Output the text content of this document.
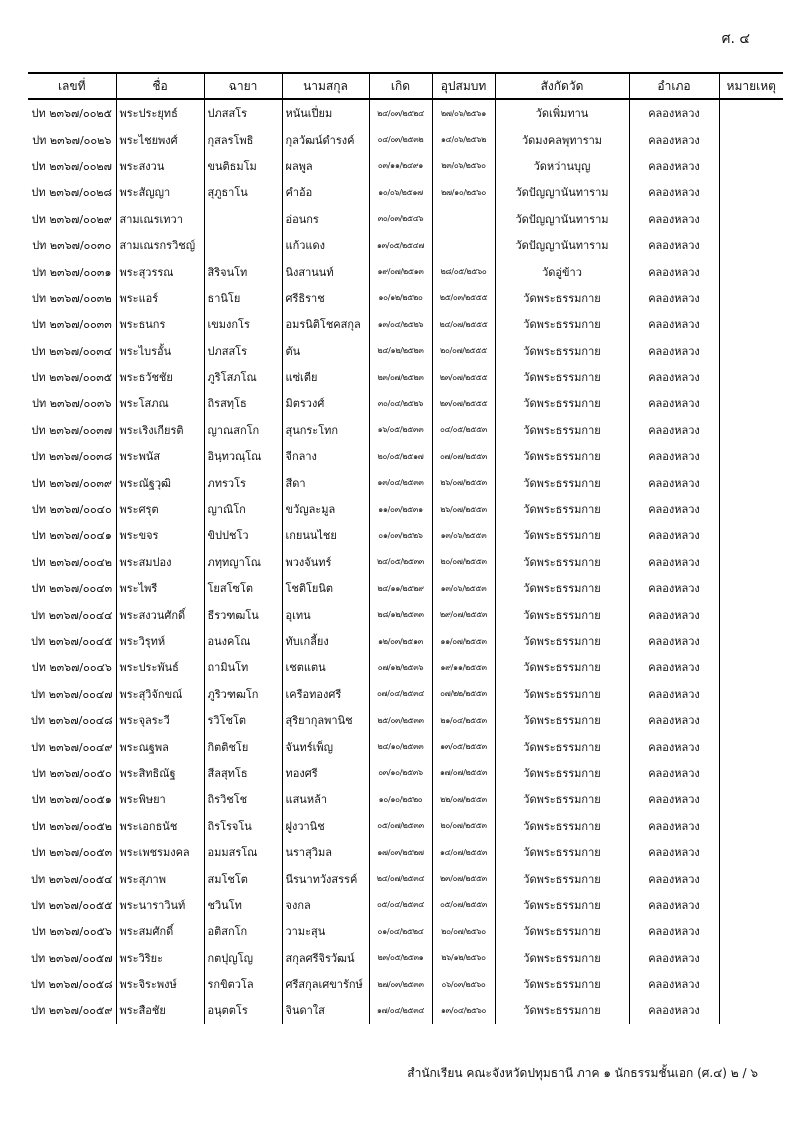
ศ. ๔
เลขที่	ชื่อ	ฉายา	นามสกุล	เกิด	อุปสมบท	สังกัดวัด	อำเภอ	หมายเหตุ
ปท ๒๓๖๗/๐๐๒๕	พระประยุทธ์	ปภสสโร	หนันเปี่ยม	๒๔/๐๓/๒๕๒๔	๒๗/๐๖/๒๕๖๑	วัดเพิ่มทาน	คลองหลวง	
ปท ๒๓๖๗/๐๐๒๖	พระไชยพงศ์	กุสลรโพธิ	กุลวัฒน์ดำรงค์	๐๔/๐๓/๒๕๓๒	๑๔/๐๖/๒๕๖๒	วัดมงคลพุทาราม	คลองหลวง	
ปท ๒๓๖๗/๐๐๒๗	พระสงวน	ขนติธมโม	ผลพูล	๐๓/๑๑/๒๔๙๑	๒๓/๐๖/๒๕๖๐	วัดหว่านบุญ	คลองหลวง	
ปท ๒๓๖๗/๐๐๒๘	พระสัญญา	สุภูธาโน	คำอ้อ	๑๐/๐๖/๒๕๑๗	๒๗/๑๐/๒๕๖๐	วัดปัญญานันทาราม	คลองหลวง	
ปท ๒๓๖๗/๐๐๒๙	สามเณรเทวา		อ่อนกร	๓๐/๐๓/๒๕๔๖		วัดปัญญานันทาราม	คลองหลวง	
ปท ๒๓๖๗/๐๐๓๐	สามเณรกรวิชญ์		แก้วแดง	๑๓/๐๕/๒๕๔๗		วัดปัญญานันทาราม	คลองหลวง	
ปท ๒๓๖๗/๐๐๓๑	พระสุวรรณ	สิริจนโท	นิงสานนท์	๑๙/๐๗/๒๕๑๓	๒๘/๐๕/๒๕๖๐	วัดอู่ข้าว	คลองหลวง	
ปท ๒๓๖๗/๐๐๓๒	พระแอร์	ธานิโย	ศรีธิราช	๑๐/๑๒/๒๕๒๐	๒๕/๐๓/๒๕๕๕	วัดพระธรรมกาย	คลองหลวง	
ปท ๒๓๖๗/๐๐๓๓	พระธนกร	เขมงกโร	อมรนิติโชคสกุล	๑๓/๐๔/๒๕๒๖	๒๔/๐๗/๒๕๕๕	วัดพระธรรมกาย	คลองหลวง	
ปท ๒๓๖๗/๐๐๓๔	พระไบรอั้น	ปภสสโร	ตัน	๒๔/๑๒/๒๕๒๓	๒๐/๐๗/๒๕๕๕	วัดพระธรรมกาย	คลองหลวง	
ปท ๒๓๖๗/๐๐๓๕	พระธวัชชัย	ภูริโสภโณ	แซ่เตีย	๒๓/๐๗/๒๕๒๓	๒๓/๐๗/๒๕๕๕	วัดพระธรรมกาย	คลองหลวง	
ปท ๒๓๖๗/๐๐๓๖	พระโสภณ	ถิรสทฺโธ	มิตรวงศ์	๓๐/๐๔/๒๕๒๖	๒๓/๐๗/๒๕๕๕	วัดพระธรรมกาย	คลองหลวง	
ปท ๒๓๖๗/๐๐๓๗	พระเริงเกียรติ	ญาณสกโก	สุนกระโทก	๑๖/๐๕/๒๕๓๓	๐๔/๐๕/๒๕๕๓	วัดพระธรรมกาย	คลองหลวง	
ปท ๒๓๖๗/๐๐๓๘	พระพนัส	อินฺทวณฺโณ	จีกลาง	๒๐/๐๕/๒๕๑๗	๐๗/๐๗/๒๕๕๓	วัดพระธรรมกาย	คลองหลวง	
ปท ๒๓๖๗/๐๐๓๙	พระณัฐวุฒิ	ภทรวโร	สีดา	๑๓/๐๔/๒๕๓๓	๒๖/๐๗/๒๕๕๓	วัดพระธรรมกาย	คลองหลวง	
ปท ๒๓๖๗/๐๐๔๐	พระศรุต	ญาณิโก	ขวัญละมูล	๑๑/๐๓/๒๕๓๑	๒๖/๐๗/๒๕๕๓	วัดพระธรรมกาย	คลองหลวง	
ปท ๒๓๖๗/๐๐๔๑	พระขจร	ขิปปชโว	เกยนนไชย	๐๑/๐๓/๒๕๒๖	๑๓/๐๖/๒๕๕๓	วัดพระธรรมกาย	คลองหลวง	
ปท ๒๓๖๗/๐๐๔๒	พระสมปอง	ภทฺทญาโณ	พวงจันทร์	๒๔/๐๕/๒๕๓๓	๒๐/๐๗/๒๕๕๓	วัดพระธรรมกาย	คลองหลวง	
ปท ๒๓๖๗/๐๐๔๓	พระไพรี	โยสโซโต	โชติโยนิต	๒๔/๑๑/๒๕๒๙	๑๓/๐๖/๒๕๕๓	วัดพระธรรมกาย	คลองหลวง	
ปท ๒๓๖๗/๐๐๔๔	พระสงวนศักดิ์	ธีรวฑฒโน	อุเทน	๒๘/๑๒/๒๕๓๓	๒๙/๐๗/๒๕๕๓	วัดพระธรรมกาย	คลองหลวง	
ปท ๒๓๖๗/๐๐๔๕	พระวิรุทห์	อนงคโณ	ทับเกลี้ยง	๑๒/๐๓/๒๕๑๓	๑๑/๐๗/๒๕๕๓	วัดพระธรรมกาย	คลองหลวง	
ปท ๒๓๖๗/๐๐๔๖	พระประพันธ์	ถามินโท	เชตแตน	๐๗/๑๒/๒๕๓๖	๑๙/๑๑/๒๕๕๓	วัดพระธรรมกาย	คลองหลวง	
ปท ๒๓๖๗/๐๐๔๗	พระสุวิจักขณ์	ภูริวฑฒโก	เครือทองศรี	๐๗/๐๔/๒๕๓๔	๐๗/๒๒/๒๕๕๓	วัดพระธรรมกาย	คลองหลวง	
ปท ๒๓๖๗/๐๐๔๘	พระจุลระวี	รวิโชโต	สุริยากุลพานิช	๒๕/๐๓/๒๕๓๓	๒๑/๐๔/๒๕๕๓	วัดพระธรรมกาย	คลองหลวง	
ปท ๒๓๖๗/๐๐๔๙	พระณฐพล	กิตติชโย	จันทร์เพ็ญ	๒๔/๑๐/๒๕๓๓	๑๓/๐๕/๒๕๕๓	วัดพระธรรมกาย	คลองหลวง	
ปท ๒๓๖๗/๐๐๕๐	พระสิทธิณัฐ	สีลสุทโธ	ทองศรี	๐๓/๑๐/๒๕๓๖	๑๗/๐๗/๒๕๕๓	วัดพระธรรมกาย	คลองหลวง	
ปท ๒๓๖๗/๐๐๕๑	พระพิษยา	ถิรวิชโช	แสนหล้า	๑๐/๑๐/๒๕๒๐	๒๒/๐๗/๒๕๕๓	วัดพระธรรมกาย	คลองหลวง	
ปท ๒๓๖๗/๐๐๕๒	พระเอกธนัช	ถิรโรจโน	ฝูงวานิช	๐๕/๐๗/๒๕๓๓	๒๐/๐๗/๒๕๕๓	วัดพระธรรมกาย	คลองหลวง	
ปท ๒๓๖๗/๐๐๕๓	พระเพชรมงคล	อมมสรโณ	นราสุวิมล	๑๗/๐๓/๒๕๒๗	๑๔/๐๗/๒๕๕๓	วัดพระธรรมกาย	คลองหลวง	
ปท ๒๓๖๗/๐๐๕๔	พระสุภาพ	สมโชโต	นีรนาทวังสรรค์	๒๔/๐๗/๒๕๓๔	๒๓/๐๗/๒๕๕๓	วัดพระธรรมกาย	คลองหลวง	
ปท ๒๓๖๗/๐๐๕๕	พระนาราวินท์	ชวินโท	จงกล	๐๕/๐๔/๒๕๓๔	๐๕/๐๗/๒๕๕๓	วัดพระธรรมกาย	คลองหลวง	
ปท ๒๓๖๗/๐๐๕๖	พระสมศักดิ์	อติสกโก	วามะสุน	๐๑/๐๔/๒๕๒๔	๒๐/๐๗/๒๕๖๐	วัดพระธรรมกาย	คลองหลวง	
ปท ๒๓๖๗/๐๐๕๗	พระวิริยะ	กตปุญโญ	สกุลศรีจิรวัฒน์	๒๓/๐๕/๒๕๓๑	๒๖/๑๒/๒๕๖๐	วัดพระธรรมกาย	คลองหลวง	
ปท ๒๓๖๗/๐๐๕๘	พระจิระพงษ์	รกขิตวโล	ศรีสกุลเศขารักษ์	๒๗/๐๓/๒๕๓๓	๐๖/๐๓/๒๕๖๐	วัดพระธรรมกาย	คลองหลวง	
ปท ๒๓๖๗/๐๐๕๙	พระสือชัย	อนุตตโร	จินดาใส	๑๗/๐๔/๒๕๓๔	๑๓/๐๔/๒๕๖๐	วัดพระธรรมกาย	คลองหลวง	
สำนักเรียน คณะจังหวัดปทุมธานี ภาค ๑ นักธรรมชั้นเอก (ศ.๔) ๒ / ๖
